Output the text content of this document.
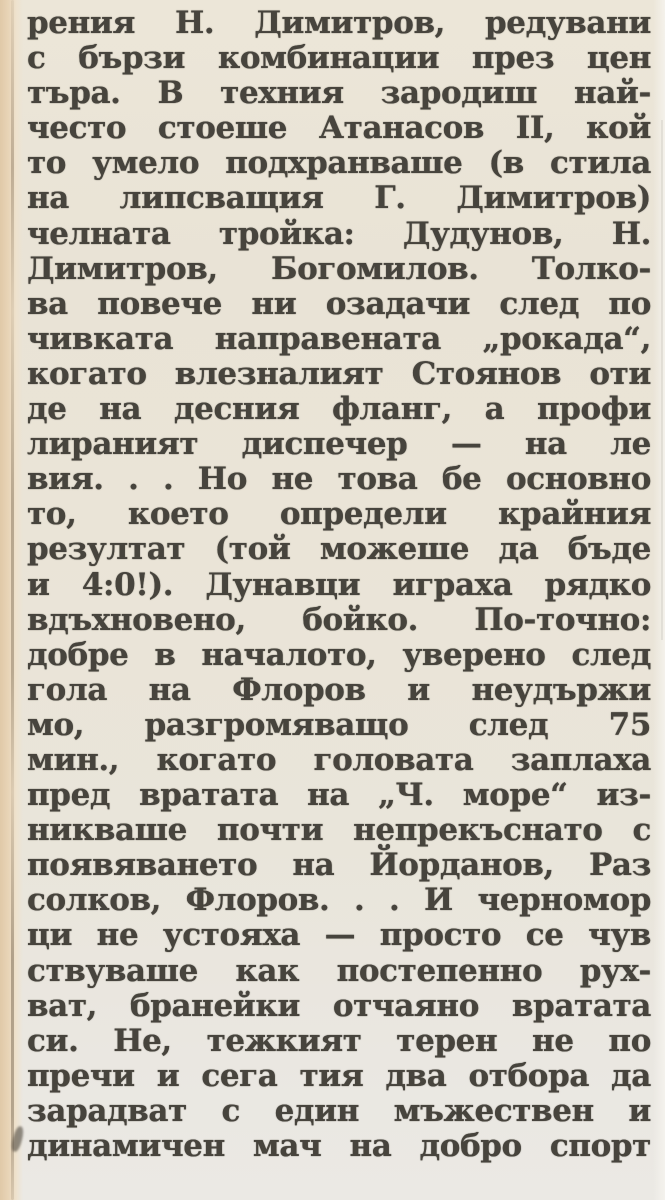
рения Н. Димитров, редувани
с бързи комбинации през цен
търа. В техния зародиш най-
често стоеше Атанасов II, кой
то умело подхранваше (в стила
на липсващия Г. Димитров)
челната тройка: Дудунов, Н.
Димитров, Богомилов. Толко-
ва повече ни озадачи след по
чивката направената „рокада“,
когато влезналият Стоянов оти
де на десния фланг, а профи
лираният диспечер — на ле
вия. . . Но не това бе основно
то, което определи крайния
резултат (той можеше да бъде
и 4:0!). Дунавци играха рядко
вдъхновено, бойко. По-точно:
добре в началото, уверено след
гола на Флоров и неудържи
мо, разгромяващо след 75
мин., когато головата заплаха
пред вратата на „Ч. море“ из-
никваше почти непрекъснато с
появяването на Йорданов, Раз
солков, Флоров. . . И черномор
ци не устояха — просто се чув
ствуваше как постепенно рух-
ват, бранейки отчаяно вратата
си. Не, тежкият терен не по
пречи и сега тия два отбора да
зарадват с един мъжествен и
динамичен мач на добро спорт
